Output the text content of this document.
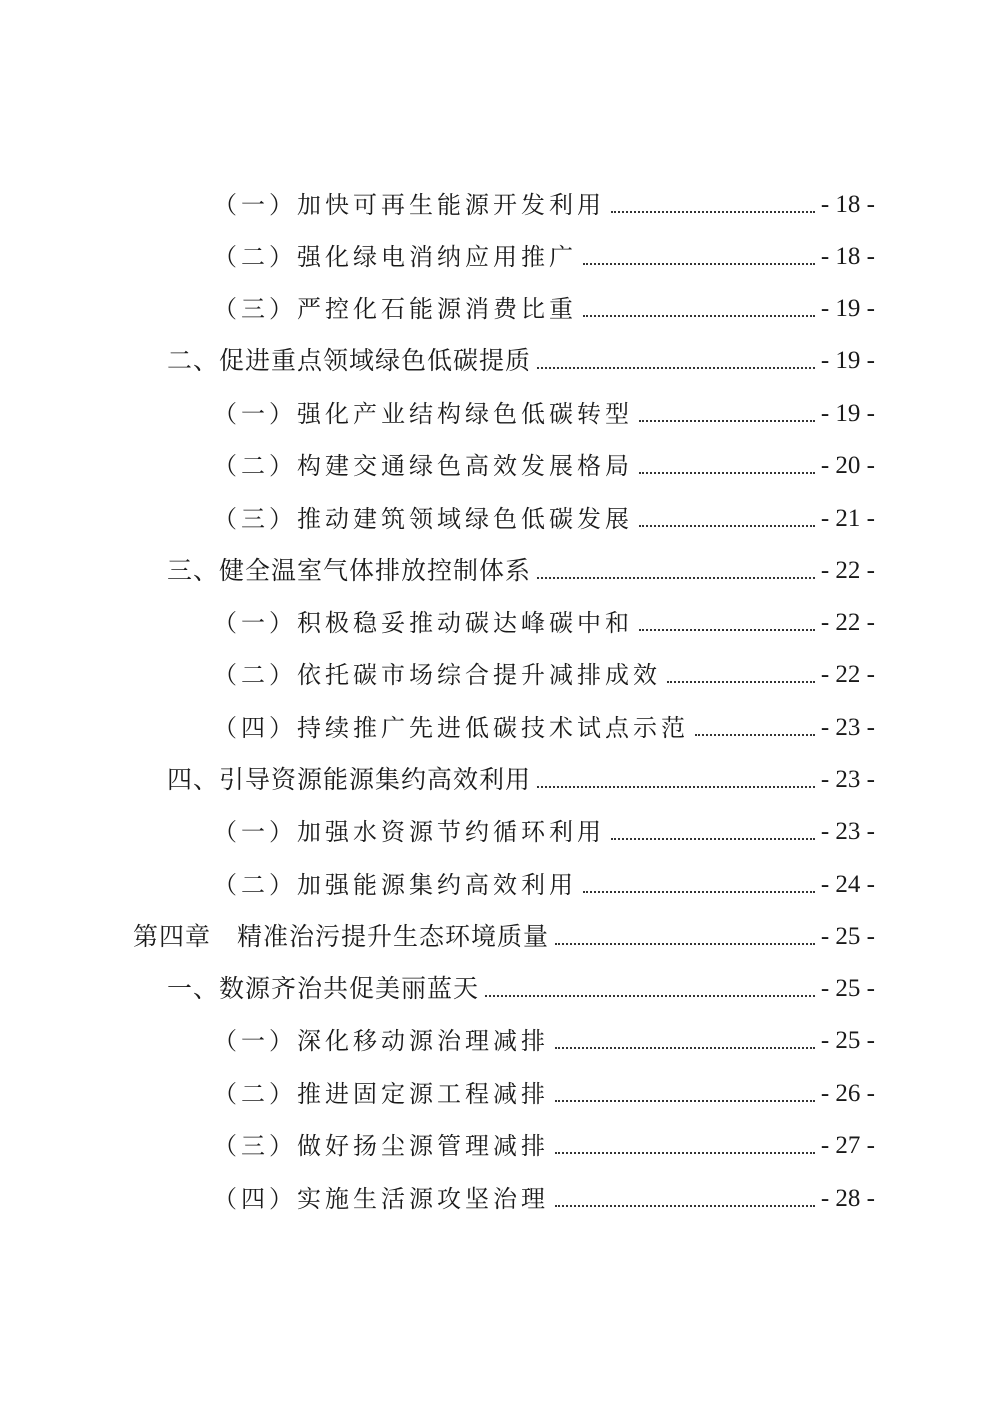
（一）加快可再生能源开发利用	- 18 -
（二）强化绿电消纳应用推广	- 18 -
（三）严控化石能源消费比重	- 19 -
二、促进重点领域绿色低碳提质	- 19 -
（一）强化产业结构绿色低碳转型	- 19 -
（二）构建交通绿色高效发展格局	- 20 -
（三）推动建筑领域绿色低碳发展	- 21 -
三、健全温室气体排放控制体系	- 22 -
（一）积极稳妥推动碳达峰碳中和	- 22 -
（二）依托碳市场综合提升减排成效	- 22 -
（四）持续推广先进低碳技术试点示范	- 23 -
四、引导资源能源集约高效利用	- 23 -
（一）加强水资源节约循环利用	- 23 -
（二）加强能源集约高效利用	- 24 -
第四章　精准治污提升生态环境质量	- 25 -
一、数源齐治共促美丽蓝天	- 25 -
（一）深化移动源治理减排	- 25 -
（二）推进固定源工程减排	- 26 -
（三）做好扬尘源管理减排	- 27 -
（四）实施生活源攻坚治理	- 28 -
